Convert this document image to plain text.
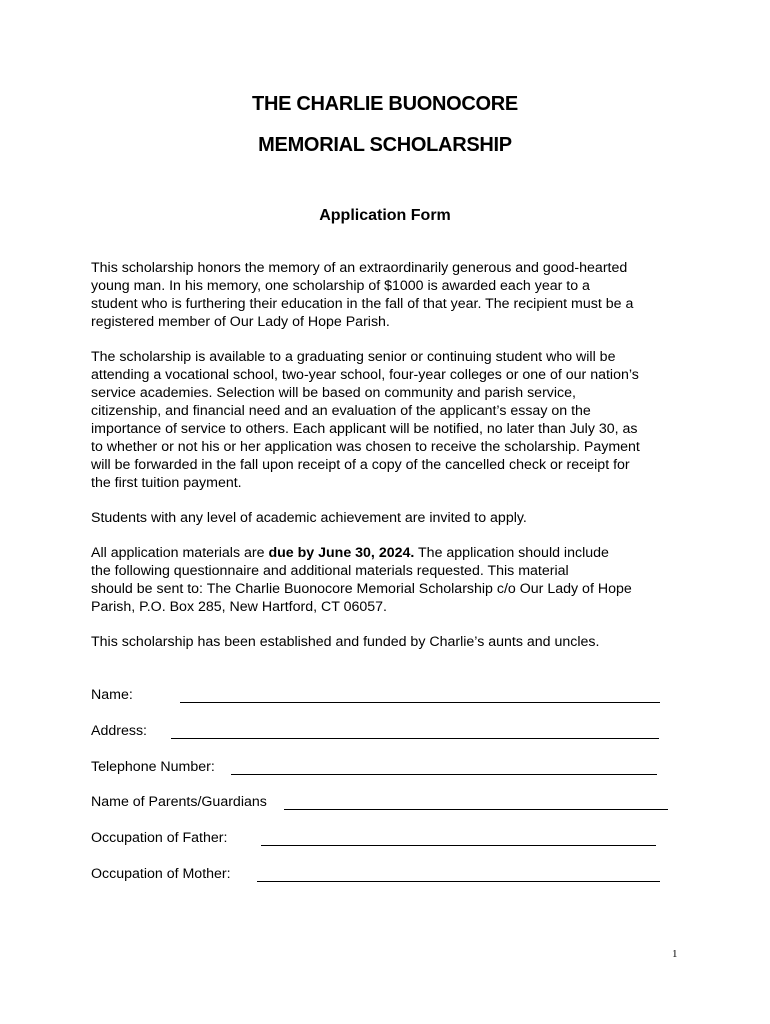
THE CHARLIE BUONOCORE
MEMORIAL SCHOLARSHIP
Application Form
This scholarship honors the memory of an extraordinarily generous and good-hearted
young man. In his memory, one scholarship of $1000 is awarded each year to a
student who is furthering their education in the fall of that year. The recipient must be a
registered member of Our Lady of Hope Parish.
The scholarship is available to a graduating senior or continuing student who will be
attending a vocational school, two-year school, four-year colleges or one of our nation’s
service academies. Selection will be based on community and parish service,
citizenship, and financial need and an evaluation of the applicant’s essay on the
importance of service to others. Each applicant will be notified, no later than July 30, as
to whether or not his or her application was chosen to receive the scholarship. Payment
will be forwarded in the fall upon receipt of a copy of the cancelled check or receipt for
the first tuition payment.
Students with any level of academic achievement are invited to apply.
All application materials are due by June 30, 2024. The application should include
the following questionnaire and additional materials requested. This material
should be sent to: The Charlie Buonocore Memorial Scholarship c/o Our Lady of Hope
Parish, P.O. Box 285, New Hartford, CT 06057.
This scholarship has been established and funded by Charlie’s aunts and uncles.
Name:
Address:
Telephone Number:
Name of Parents/Guardians
Occupation of Father:
Occupation of Mother:
1
